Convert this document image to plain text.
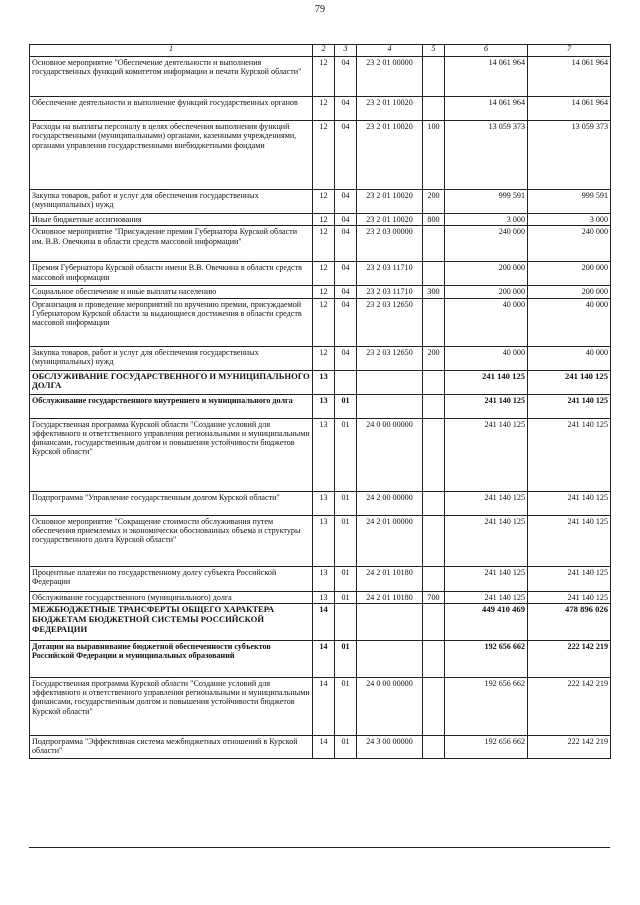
79
1	2	3	4	5	6	7
Основное мероприятие "Обеспечение деятельности и выполнения государственных функций комитетом информации и печати Курской области"	12	04	23 2 01 00000		14 061 964	14 061 964
Обеспечение деятельности и выполнение функций государственных органов	12	04	23 2 01 10020		14 061 964	14 061 964
Расходы на выплаты персоналу в целях обеспечения выполнения функций государственными (муниципальными) органами, казенными учреждениями, органами управления государственными внебюджетными фондами	12	04	23 2 01 10020	100	13 059 373	13 059 373
Закупка товаров, работ и услуг для обеспечения государственных (муниципальных) нужд	12	04	23 2 01 10020	200	999 591	999 591
Иные бюджетные ассигнования	12	04	23 2 01 10020	800	3 000	3 000
Основное мероприятие "Присуждение премии Губернатора Курской области им. В.В. Овечкина в области средств массовой информации"	12	04	23 2 03 00000		240 000	240 000
Премия Губернатора Курской области имени В.В. Овечкина в области средств массовой информации	12	04	23 2 03 11710		200 000	200 000
Социальное обеспечение и иные выплаты населению	12	04	23 2 03 11710	300	200 000	200 000
Организация и проведение мероприятий по вручению премии, присуждаемой Губернатором Курской области за выдающиеся достижения в области средств массовой информации	12	04	23 2 03 12650		40 000	40 000
Закупка товаров, работ и услуг для обеспечения государственных (муниципальных) нужд	12	04	23 2 03 12650	200	40 000	40 000
ОБСЛУЖИВАНИЕ ГОСУДАРСТВЕННОГО И МУНИЦИПАЛЬНОГО ДОЛГА	13				241 140 125	241 140 125
Обслуживание государственного внутреннего и муниципального долга	13	01			241 140 125	241 140 125
Государственная программа Курской области "Создание условий для эффективного и ответственного управления региональными и муниципальными финансами, государственным долгом и повышения устойчивости бюджетов Курской области"	13	01	24 0 00 00000		241 140 125	241 140 125
Подпрограмма "Управление государственным долгом Курской области"	13	01	24 2 00 00000		241 140 125	241 140 125
Основное мероприятие "Сокращение стоимости обслуживания путем обеспечения приемлемых и экономически обоснованных объема и структуры государственного долга Курской области"	13	01	24 2 01 00000		241 140 125	241 140 125
Процентные платежи по государственному долгу субъекта Российской Федерации	13	01	24 2 01 10180		241 140 125	241 140 125
Обслуживание государственного (муниципального) долга	13	01	24 2 01 10180	700	241 140 125	241 140 125
МЕЖБЮДЖЕТНЫЕ ТРАНСФЕРТЫ ОБЩЕГО ХАРАКТЕРА БЮДЖЕТАМ БЮДЖЕТНОЙ СИСТЕМЫ РОССИЙСКОЙ ФЕДЕРАЦИИ	14				449 410 469	478 896 026
Дотации на выравнивание бюджетной обеспеченности субъектов Российской Федерации и муниципальных образований	14	01			192 656 662	222 142 219
Государственная программа Курской области "Создание условий для эффективного и ответственного управления региональными и муниципальными финансами, государственным долгом и повышения устойчивости бюджетов Курской области"	14	01	24 0 00 00000		192 656 662	222 142 219
Подпрограмма "Эффективная система межбюджетных отношений в Курской области"	14	01	24 3 00 00000		192 656 662	222 142 219
